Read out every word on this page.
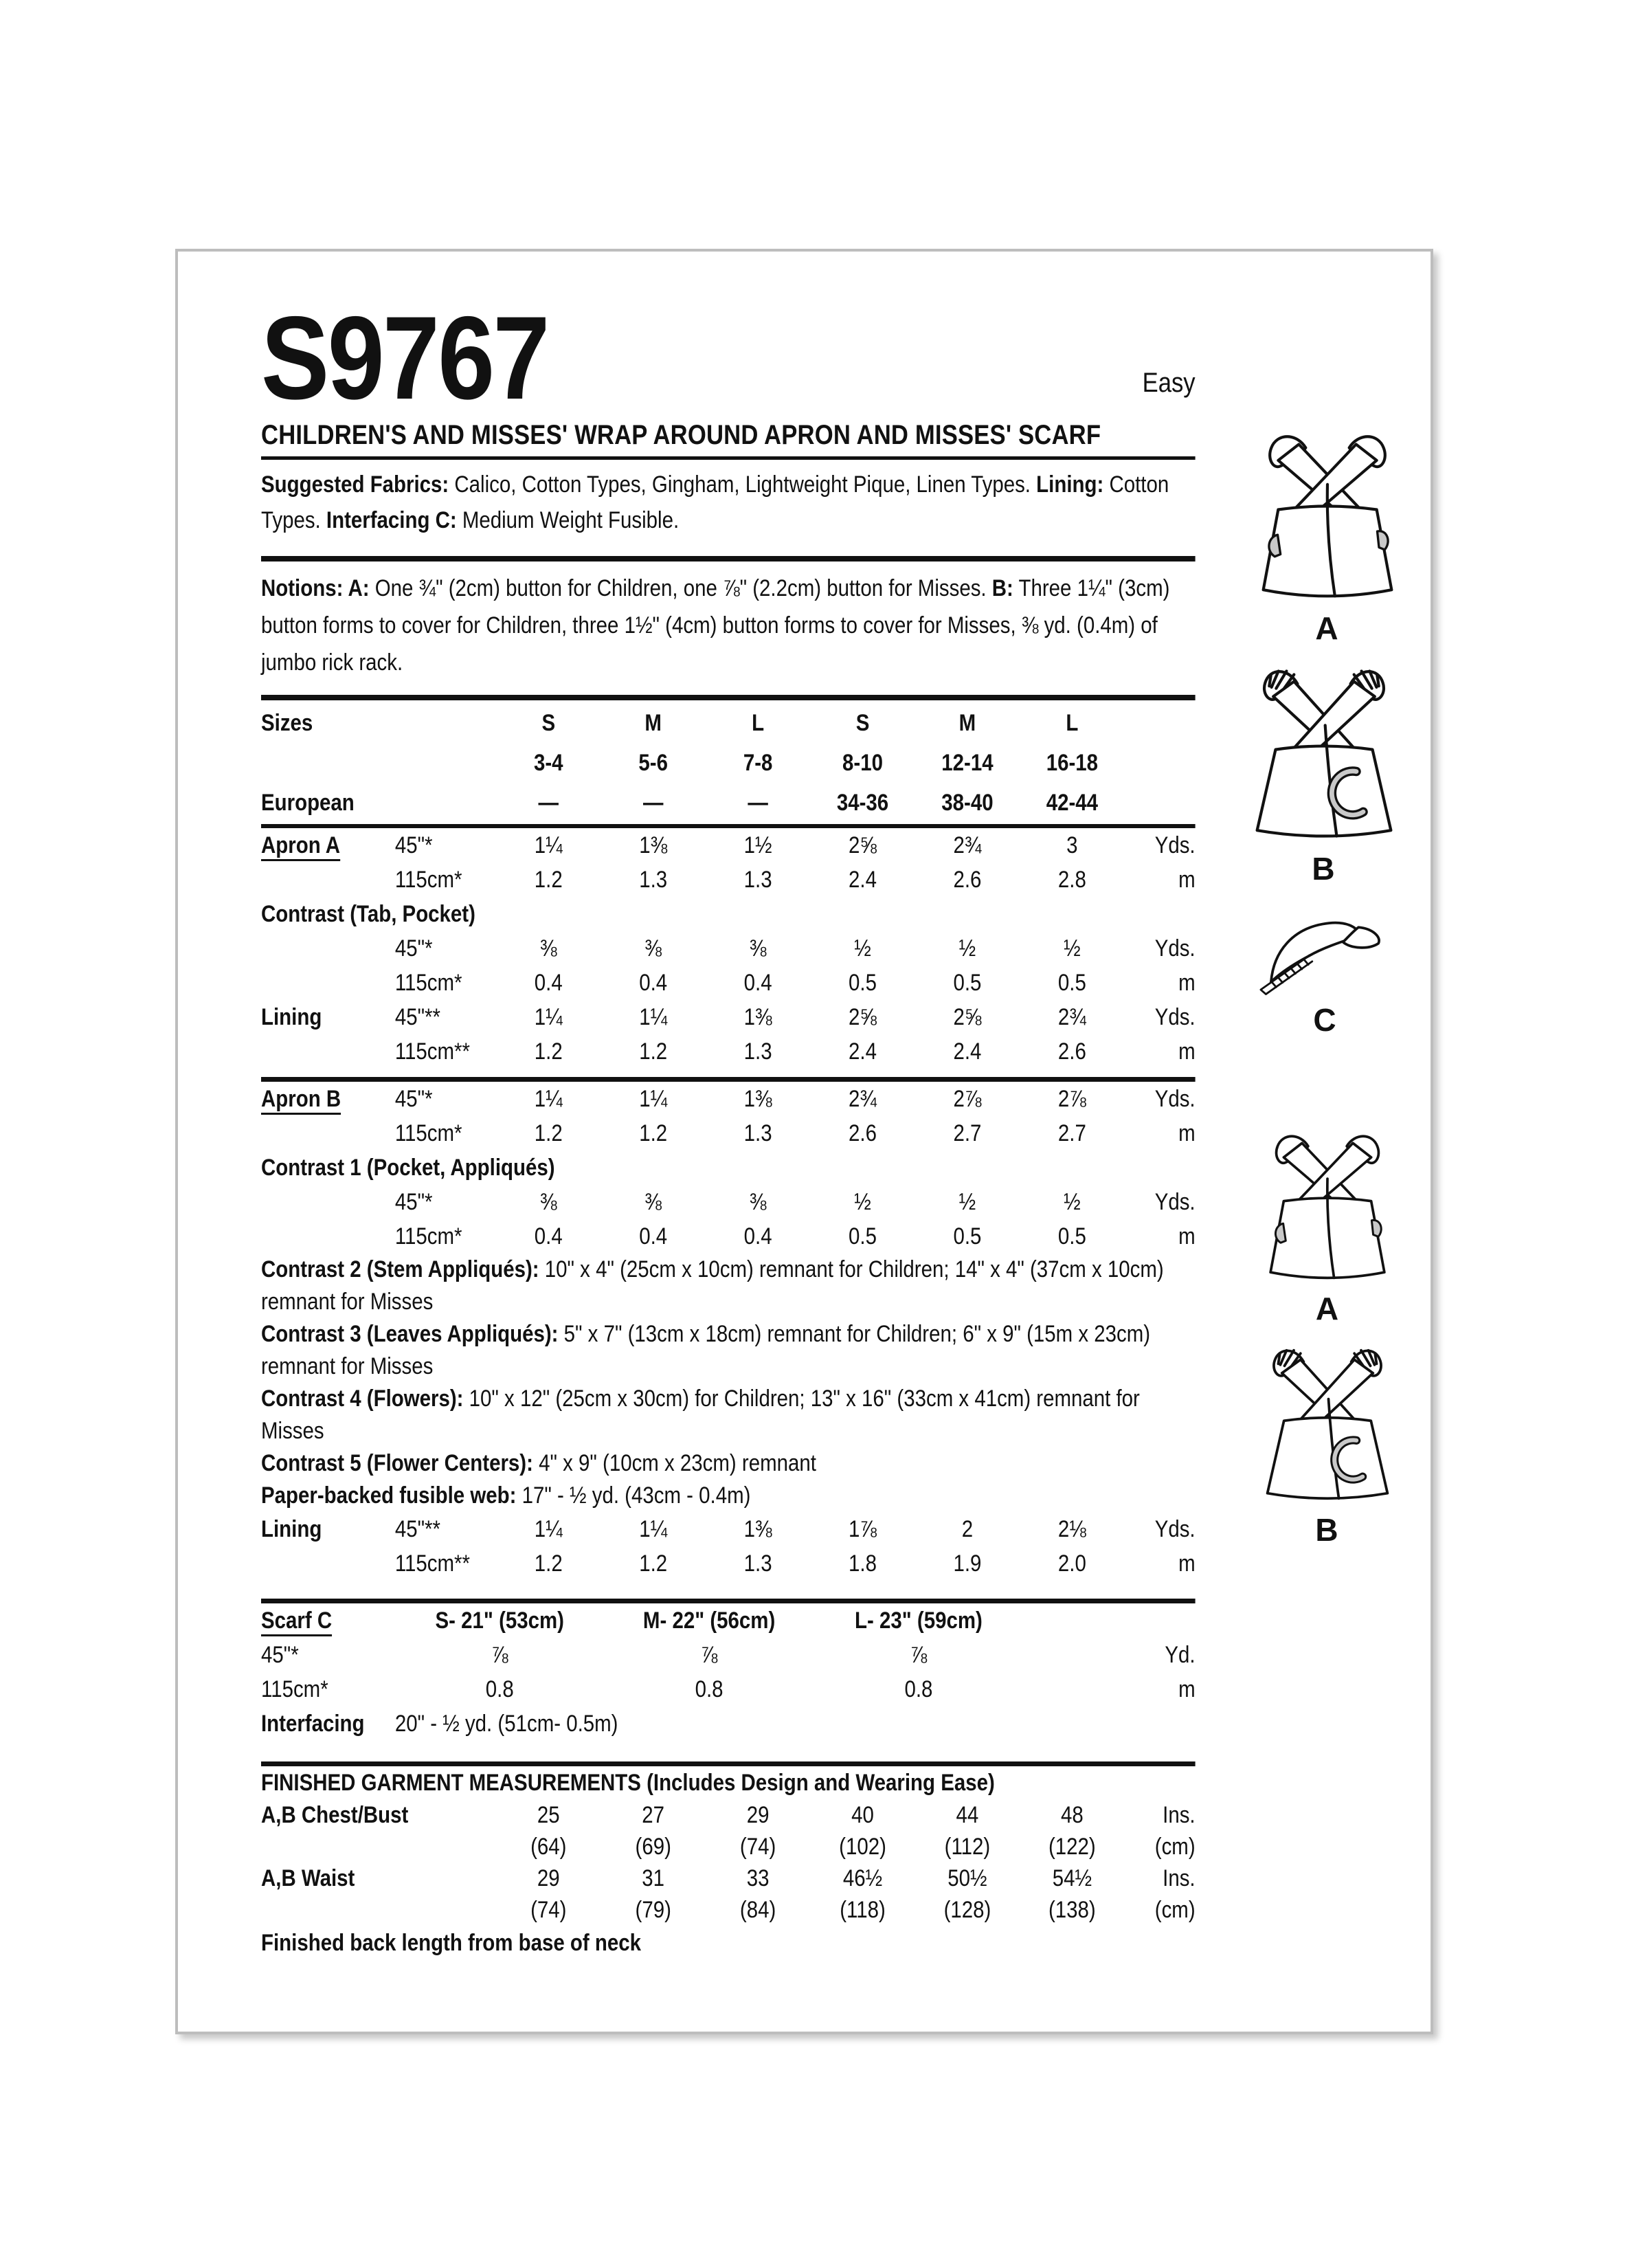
S9767	Easy
CHILDREN'S AND MISSES' WRAP AROUND APRON AND MISSES' SCARF

Suggested Fabrics: Calico, Cotton Types, Gingham, Lightweight Pique, Linen Types. Lining: Cotton Types. Interfacing C: Medium Weight Fusible.

Notions: A: One ¾" (2cm) button for Children, one ⅞" (2.2cm) button for Misses. B: Three 1¼" (3cm) button forms to cover for Children, three 1½" (4cm) button forms to cover for Misses, ⅜ yd. (0.4m) of jumbo rick rack.

Sizes	S	M	L	S	M	L
3-4	5-6	7-8	8-10	12-14	16-18
European	—	—	—	34-36	38-40	42-44
Apron A	45"*	1¼	1⅜	1½	2⅝	2¾	3	Yds.
115cm*	1.2	1.3	1.3	2.4	2.6	2.8	m
Contrast (Tab, Pocket)
45"*	⅜	⅜	⅜	½	½	½	Yds.
115cm*	0.4	0.4	0.4	0.5	0.5	0.5	m
Lining	45"**	1¼	1¼	1⅜	2⅝	2⅝	2¾	Yds.
115cm**	1.2	1.2	1.3	2.4	2.4	2.6	m
Apron B	45"*	1¼	1¼	1⅜	2¾	2⅞	2⅞	Yds.
115cm*	1.2	1.2	1.3	2.6	2.7	2.7	m
Contrast 1 (Pocket, Appliqués)
45"*	⅜	⅜	⅜	½	½	½	Yds.
115cm*	0.4	0.4	0.4	0.5	0.5	0.5	m

Contrast 2 (Stem Appliqués): 10" x 4" (25cm x 10cm) remnant for Children; 14" x 4" (37cm x 10cm) remnant for Misses

Contrast 3 (Leaves Appliqués): 5" x 7" (13cm x 18cm) remnant for Children; 6" x 9" (15m x 23cm) remnant for Misses

Contrast 4 (Flowers): 10" x 12" (25cm x 30cm) for Children; 13" x 16" (33cm x 41cm) remnant for Misses

Contrast 5 (Flower Centers): 4" x 9" (10cm x 23cm) remnant

Paper-backed fusible web: 17" - ½ yd. (43cm - 0.4m)

Lining	45"**	1¼	1¼	1⅜	1⅞	2	2⅛	Yds.
115cm**	1.2	1.2	1.3	1.8	1.9	2.0	m
Scarf C	S- 21" (53cm)	M- 22" (56cm)	L- 23" (59cm)
45"*	⅞	⅞	⅞	Yd.
115cm*	0.8	0.8	0.8	m
Interfacing	20" - ½ yd. (51cm- 0.5m)

FINISHED GARMENT MEASUREMENTS (Includes Design and Wearing Ease)

A,B Chest/Bust	25	27	29	40	44	48	Ins.
(64)	(69)	(74)	(102)	(112)	(122)	(cm)
A,B Waist	29	31	33	46½	50½	54½	Ins.
(74)	(79)	(84)	(118)	(128)	(138)	(cm)

Finished back length from base of neck

A
B
C
A
B
